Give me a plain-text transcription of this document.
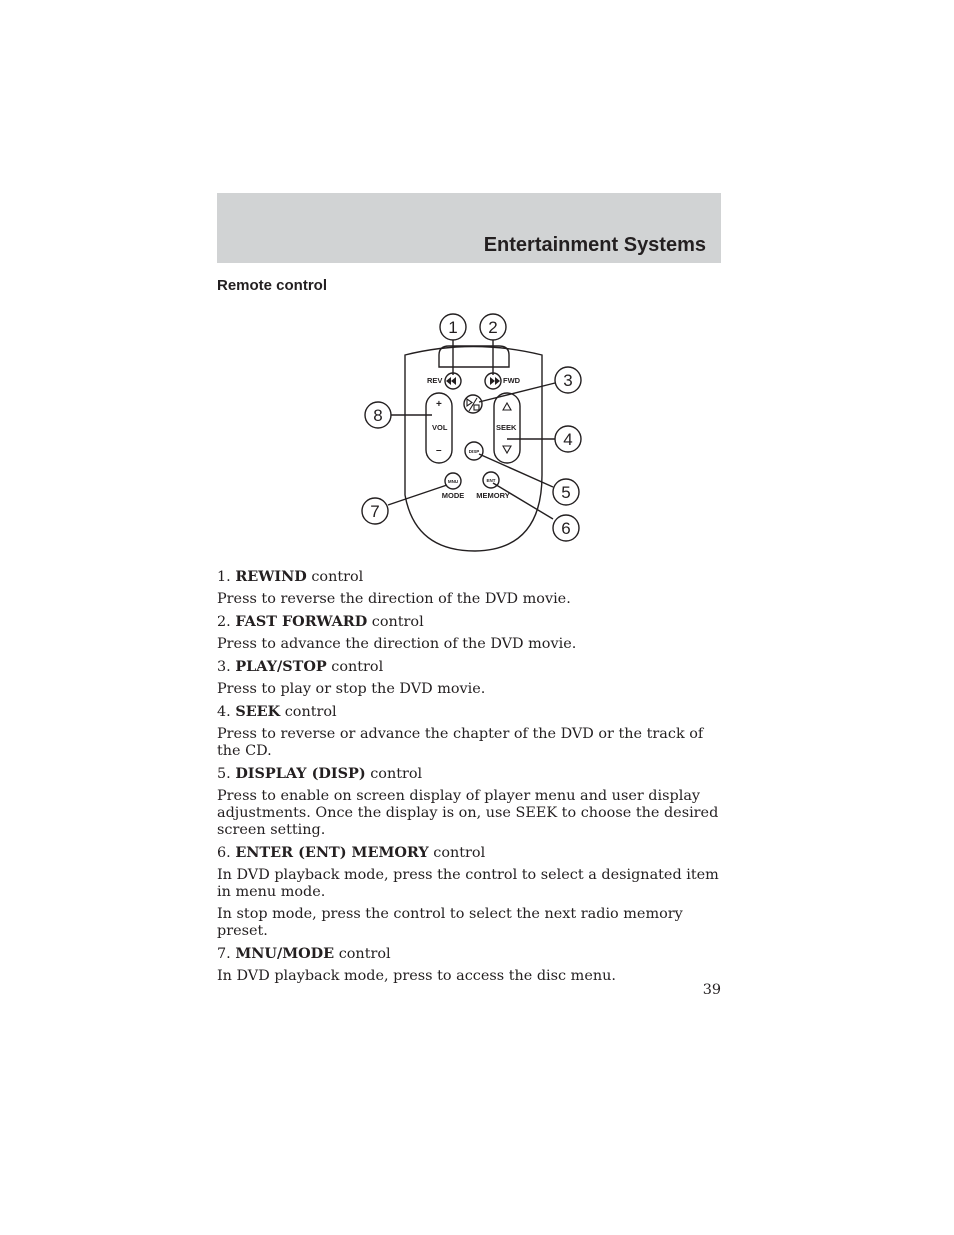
Entertainment Systems
Remote control
REV	FWD
+
VOL
–
SEEK
DISP
MNU	ENT
MODE MEMORY
1 2
3
4
5
6
7
8

1. REWIND control

Press to reverse the direction of the DVD movie.

2. FAST FORWARD control

Press to advance the direction of the DVD movie.

3. PLAY/STOP control

Press to play or stop the DVD movie.

4. SEEK control

Press to reverse or advance the chapter of the DVD or the track of the CD.

5. DISPLAY (DISP) control

Press to enable on screen display of player menu and user display adjustments. Once the display is on, use SEEK to choose the desired screen setting.

6. ENTER (ENT) MEMORY control

In DVD playback mode, press the control to select a designated item in menu mode.

In stop mode, press the control to select the next radio memory preset.

7. MNU/MODE control

In DVD playback mode, press to access the disc menu.

39
